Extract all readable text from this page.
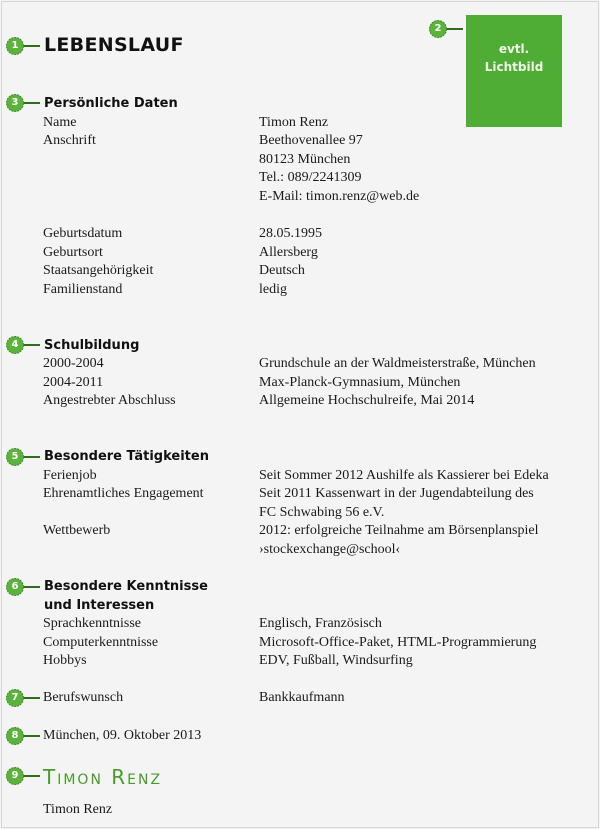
1 LEBENSLAUF
2
evtl.
Lichtbild
3	Persönliche Daten
Name	Timon Renz
Anschrift	Beethovenallee 97
80123 München
Tel.: 089/2241309
E-Mail: timon.renz@web.de
Geburtsdatum	28.05.1995
Geburtsort	Allersberg
Staatsangehörigkeit	Deutsch
Familienstand	ledig
4	Schulbildung
2000-2004	Grundschule an der Waldmeisterstraße, München
2004-2011	Max-Planck-Gymnasium, München
Angestrebter Abschluss	Allgemeine Hochschulreife, Mai 2014
5	Besondere Tätigkeiten
Ferienjob	Seit Sommer 2012 Aushilfe als Kassierer bei Edeka
Ehrenamtliches Engagement	Seit 2011 Kassenwart in der Jugendabteilung des
FC Schwabing 56 e.V.
Wettbewerb	2012: erfolgreiche Teilnahme am Börsenplanspiel
›stockexchange@school‹
6	Besondere Kenntnisse
und Interessen
Sprachkenntnisse	Englisch, Französisch
Computerkenntnisse	Microsoft-Office-Paket, HTML-Programmierung
Hobbys	EDV, Fußball, Windsurfing
7	Berufswunsch	Bankkaufmann
8	München, 09. Oktober 2013
9 Timon Renz
Timon Renz
